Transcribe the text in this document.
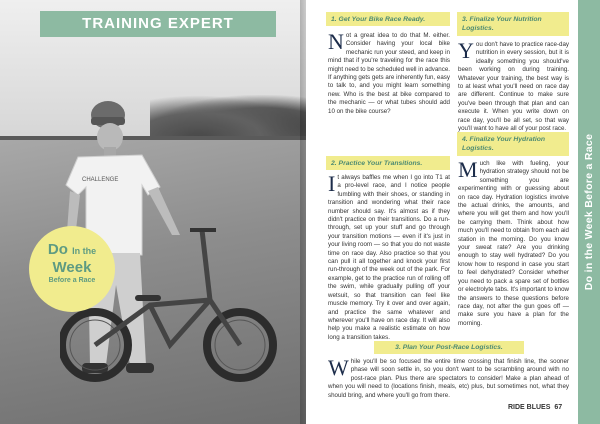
CHALLENGE
TRAINING EXPERT
Do In the
Week
Before a Race
1. Get Your Bike Race Ready.

Not a great idea to do that M. either. Consider having your local bike mechanic run your steed, and keep in mind that if you're traveling for the race this might need to be scheduled well in advance. If anything gets gets are inherently fun, easy to talk to, and you might learn something new. Who is the best at bike compared to the mechanic — or what tubes should add 10 on the bike course?

2. Practice Your Transitions.

It always baffles me when I go into T1 at a pro-level race, and I notice people fumbling with their shoes, or standing in transition and wondering what their race number should say. It's almost as if they didn't practice on their transitions. Do a run-through, set up your stuff and go through your transition motions — even if it's just in your living room — so that you do not waste time on race day. Also practice so that you can pull it all together and knock your first run-through of the week out of the park. For example, get to the practice run of rolling off the swim, while gradually pulling off your wetsuit, so that transition can feel like muscle memory. Try it over and over again, and practice the same whatever and wherever you'll have on race day. It will also help you make a realistic estimate on how long a transition takes.

3. Finalize Your Nutrition Logistics.

You don't have to practice race-day nutrition in every session, but it is ideally something you should've been working on during training. Whatever your training, the best way is to at least what you'll need on race day are different. Continue to make sure you've been through that plan and can execute it. When you write down on race day, you'll be all set, so that way you'll want to have all of your post race.

4. Finalize Your Hydration Logistics.

Much like with fueling, your hydration strategy should not be something you are experimenting with or guessing about on race day. Hydration logistics involve the actual drinks, the amounts, and where you will get them and how you'll be carrying them. Think about how much you'll need to obtain from each aid station in the morning. Do you know your sweat rate? Are you drinking enough to stay well hydrated? Do you know how to respond in case you start to feel dehydrated? Consider whether you need to pack a spare set of bottles or electrolyte tabs. It's important to know the answers to these questions before race day, not after the gun goes off — make sure you have a plan for the morning.

3. Plan Your Post-Race Logistics.

While you'll be so focused the entire time crossing that finish line, the sooner phase will soon settle in, so you don't want to be scrambling around with no post-race plan. Plus there are spectators to consider! Make a plan ahead of when you will need to (locations finish, meals, etc) plus, but sometimes not, what they should bring, and where you'll go from there.

Do in the Week Before a Race
RIDE BLUES 67
